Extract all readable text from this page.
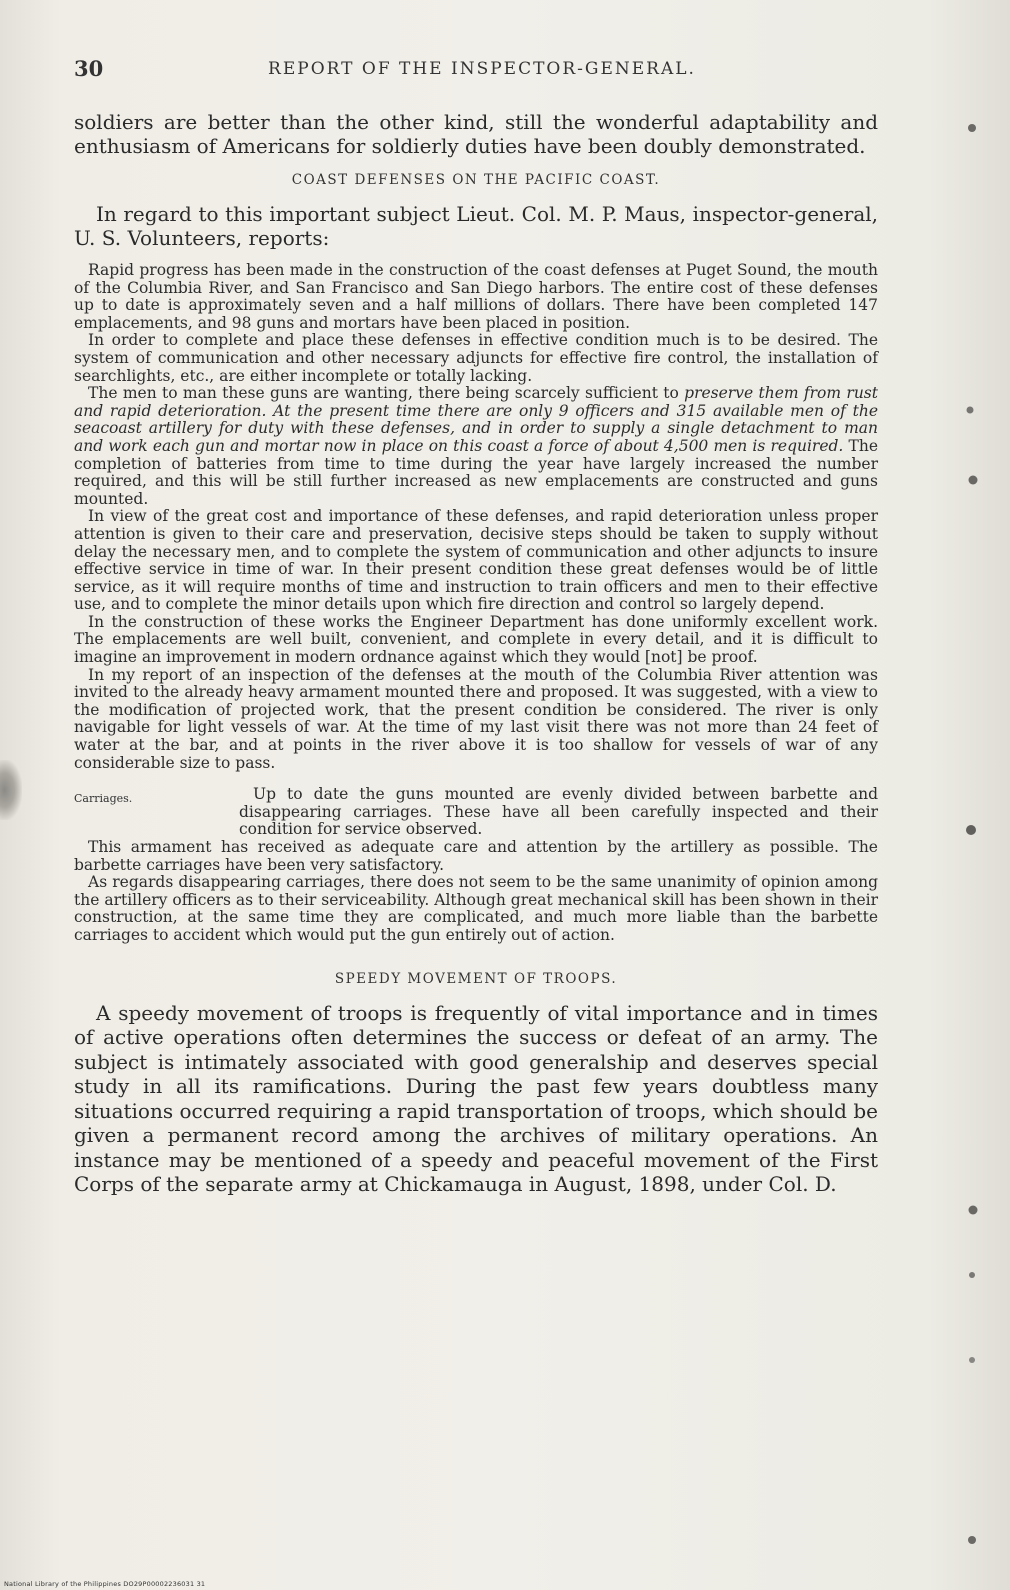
30	REPORT OF THE INSPECTOR-GENERAL.

soldiers are better than the other kind, still the wonderful adaptability and enthusiasm of Americans for soldierly duties have been doubly demonstrated.

COAST DEFENSES ON THE PACIFIC COAST.

In regard to this important subject Lieut. Col. M. P. Maus, inspector-general, U. S. Volunteers, reports:

Rapid progress has been made in the construction of the coast defenses at Puget Sound, the mouth of the Columbia River, and San Francisco and San Diego harbors. The entire cost of these defenses up to date is approximately seven and a half millions of dollars. There have been completed 147 emplacements, and 98 guns and mortars have been placed in position.

In order to complete and place these defenses in effective condition much is to be desired. The system of communication and other necessary adjuncts for effective fire control, the installation of searchlights, etc., are either incomplete or totally lacking.

The men to man these guns are wanting, there being scarcely sufficient to preserve them from rust and rapid deterioration. At the present time there are only 9 officers and 315 available men of the seacoast artillery for duty with these defenses, and in order to supply a single detachment to man and work each gun and mortar now in place on this coast a force of about 4,500 men is required. The completion of batteries from time to time during the year have largely increased the number required, and this will be still further increased as new emplacements are constructed and guns mounted.

In view of the great cost and importance of these defenses, and rapid deterioration unless proper attention is given to their care and preservation, decisive steps should be taken to supply without delay the necessary men, and to complete the system of communication and other adjuncts to insure effective service in time of war. In their present condition these great defenses would be of little service, as it will require months of time and instruction to train officers and men to their effective use, and to complete the minor details upon which fire direction and control so largely depend.

In the construction of these works the Engineer Department has done uniformly excellent work. The emplacements are well built, convenient, and complete in every detail, and it is difficult to imagine an improvement in modern ordnance against which they would [not] be proof.

In my report of an inspection of the defenses at the mouth of the Columbia River attention was invited to the already heavy armament mounted there and proposed. It was suggested, with a view to the modification of projected work, that the present condition be considered. The river is only navigable for light vessels of war. At the time of my last visit there was not more than 24 feet of water at the bar, and at points in the river above it is too shallow for vessels of war of any considerable size to pass.

Carriages.	Up to date the guns mounted are evenly divided between barbette and disappearing carriages. These have all been carefully inspected and their condition for service observed.

This armament has received as adequate care and attention by the artillery as possible. The barbette carriages have been very satisfactory.

As regards disappearing carriages, there does not seem to be the same unanimity of opinion among the artillery officers as to their serviceability. Although great mechanical skill has been shown in their construction, at the same time they are complicated, and much more liable than the barbette carriages to accident which would put the gun entirely out of action.

SPEEDY MOVEMENT OF TROOPS.

A speedy movement of troops is frequently of vital importance and in times of active operations often determines the success or defeat of an army. The subject is intimately associated with good generalship and deserves special study in all its ramifications. During the past few years doubtless many situations occurred requiring a rapid transportation of troops, which should be given a permanent record among the archives of military operations. An instance may be mentioned of a speedy and peaceful movement of the First Corps of the separate army at Chickamauga in August, 1898, under Col. D.

National Library of the Philippines DO29P00002236031 31
